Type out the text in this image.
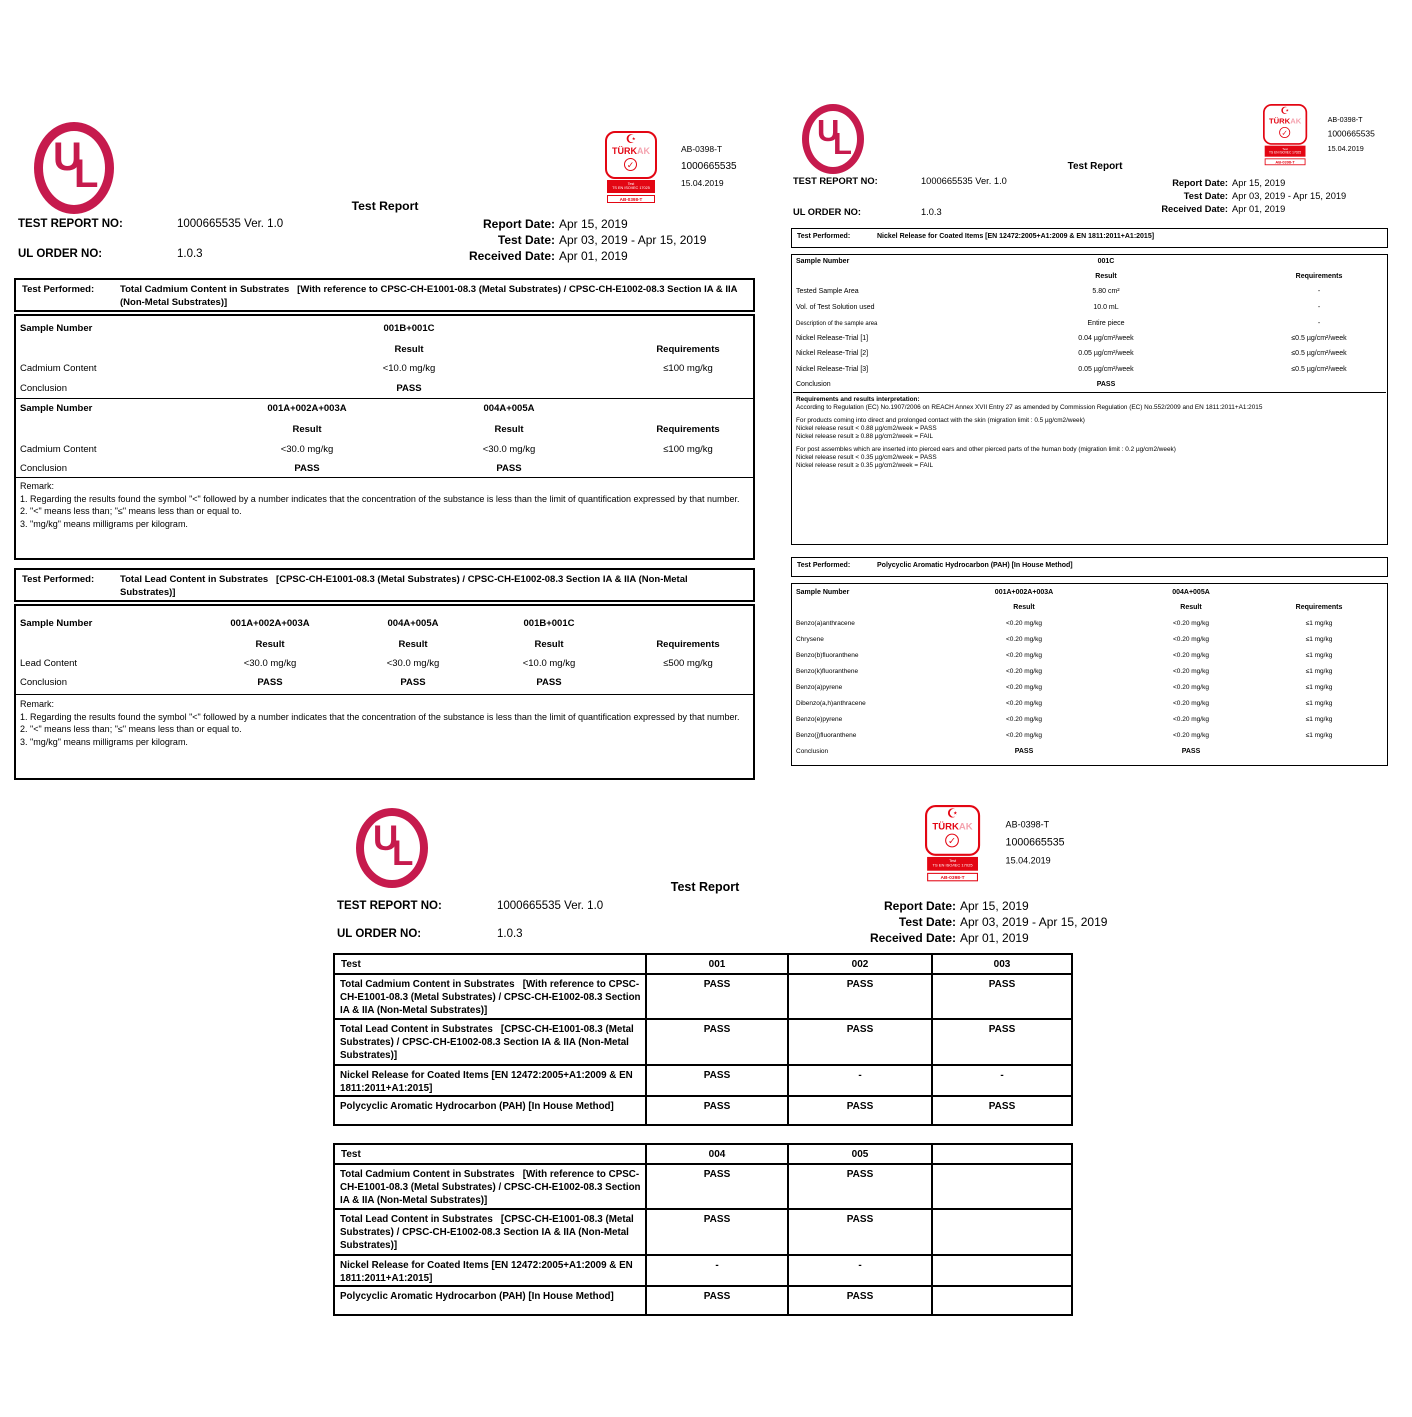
U
L
☪
TÜRKAK
✓
Test
TS EN ISO/IEC 17025
AB-0398-T
AB-0398-T
1000665535
15.04.2019
Test Report
TEST REPORT NO:	1000665535 Ver. 1.0
UL ORDER NO:	1.0.3
Report Date: Apr 15, 2019
Test Date: Apr 03, 2019 - Apr 15, 2019
Received Date: Apr 01, 2019
Test Performed:	Total Cadmium Content in Substrates   [With reference to CPSC-CH-E1001-08.3 (Metal Substrates) / CPSC-CH-E1002-08.3 Section IA & IIA (Non-Metal Substrates)]
Sample Number	001B+001C
Result	Requirements
Cadmium Content	<10.0 mg/kg	≤100 mg/kg
Conclusion	PASS
Sample Number	001A+002A+003A	004A+005A
Result	Result	Requirements
Cadmium Content	<30.0 mg/kg	<30.0 mg/kg	≤100 mg/kg
Conclusion	PASS	PASS
Remark:
1. Regarding the results found the symbol "<" followed by a number indicates that the concentration of the substance is less than the limit of quantification expressed by that number.
2. "<" means less than; "≤" means less than or equal to.
3. "mg/kg" means milligrams per kilogram.
Test Performed:	Total Lead Content in Substrates   [CPSC-CH-E1001-08.3 (Metal Substrates) / CPSC-CH-E1002-08.3 Section IA & IIA (Non-Metal Substrates)]
Sample Number	001A+002A+003A	004A+005A	001B+001C
Result	Result	Result	Requirements
Lead Content	<30.0 mg/kg	<30.0 mg/kg	<10.0 mg/kg	≤500 mg/kg
Conclusion	PASS	PASS	PASS
Remark:
1. Regarding the results found the symbol "<" followed by a number indicates that the concentration of the substance is less than the limit of quantification expressed by that number.
2. "<" means less than; "≤" means less than or equal to.
3. "mg/kg" means milligrams per kilogram.
U
L
☪
TÜRKAK
✓
Test
TS EN ISO/IEC 17025
AB-0398-T
AB-0398-T
1000665535
15.04.2019
Test Report
TEST REPORT NO:	1000665535 Ver. 1.0
UL ORDER NO:	1.0.3
Report Date: Apr 15, 2019
Test Date: Apr 03, 2019 - Apr 15, 2019
Received Date: Apr 01, 2019
Test Performed:	Nickel Release for Coated Items [EN 12472:2005+A1:2009 & EN 1811:2011+A1:2015]
Sample Number	001C
Result	Requirements
Tested Sample Area	5.80 cm²	-
Vol. of Test Solution used	10.0 mL	-
Description of the sample area	Entire piece	-
Nickel Release-Trial [1]	0.04 µg/cm²/week	≤0.5 µg/cm²/week
Nickel Release-Trial [2]	0.05 µg/cm²/week	≤0.5 µg/cm²/week
Nickel Release-Trial [3]	0.05 µg/cm²/week	≤0.5 µg/cm²/week
Conclusion	PASS
Requirements and results interpretation:
According to Regulation (EC) No.1907/2006 on REACH Annex XVII Entry 27 as amended by Commission Regulation (EC) No.552/2009 and EN 1811:2011+A1:2015
For products coming into direct and prolonged contact with the skin (migration limit : 0.5 µg/cm2/week)
Nickel release result < 0.88 µg/cm2/week = PASS
Nickel release result ≥ 0.88 µg/cm2/week = FAIL
For post assembles which are inserted into pierced ears and other pierced parts of the human body (migration limit : 0.2 µg/cm2/week)
Nickel release result < 0.35 µg/cm2/week = PASS
Nickel release result ≥ 0.35 µg/cm2/week = FAIL
Test Performed:	Polycyclic Aromatic Hydrocarbon (PAH) [In House Method]
Sample Number	001A+002A+003A	004A+005A
Result	Result	Requirements
Benzo(a)anthracene	<0.20 mg/kg	<0.20 mg/kg	≤1 mg/kg
Chrysene	<0.20 mg/kg	<0.20 mg/kg	≤1 mg/kg
Benzo(b)fluoranthene	<0.20 mg/kg	<0.20 mg/kg	≤1 mg/kg
Benzo(k)fluoranthene	<0.20 mg/kg	<0.20 mg/kg	≤1 mg/kg
Benzo(a)pyrene	<0.20 mg/kg	<0.20 mg/kg	≤1 mg/kg
Dibenzo(a,h)anthracene	<0.20 mg/kg	<0.20 mg/kg	≤1 mg/kg
Benzo(e)pyrene	<0.20 mg/kg	<0.20 mg/kg	≤1 mg/kg
Benzo(j)fluoranthene	<0.20 mg/kg	<0.20 mg/kg	≤1 mg/kg
Conclusion	PASS	PASS
U
L
☪
TÜRKAK
✓
Test
TS EN ISO/IEC 17025
AB-0398-T
AB-0398-T
1000665535
15.04.2019
Test Report
TEST REPORT NO:	1000665535 Ver. 1.0
UL ORDER NO:	1.0.3
Report Date: Apr 15, 2019
Test Date: Apr 03, 2019 - Apr 15, 2019
Received Date: Apr 01, 2019
Test	001	002	003
Total Cadmium Content in Substrates   [With reference to CPSC-CH-E1001-08.3 (Metal Substrates) / CPSC-CH-E1002-08.3 Section IA & IIA (Non-Metal Substrates)]	PASS	PASS	PASS
Total Lead Content in Substrates   [CPSC-CH-E1001-08.3 (Metal Substrates) / CPSC-CH-E1002-08.3 Section IA & IIA (Non-Metal Substrates)]	PASS	PASS	PASS
Nickel Release for Coated Items [EN 12472:2005+A1:2009 & EN 1811:2011+A1:2015]	PASS	-	-
Polycyclic Aromatic Hydrocarbon (PAH) [In House Method]	PASS	PASS	PASS
Test	004	005	
Total Cadmium Content in Substrates   [With reference to CPSC-CH-E1001-08.3 (Metal Substrates) / CPSC-CH-E1002-08.3 Section IA & IIA (Non-Metal Substrates)]	PASS	PASS	
Total Lead Content in Substrates   [CPSC-CH-E1001-08.3 (Metal Substrates) / CPSC-CH-E1002-08.3 Section IA & IIA (Non-Metal Substrates)]	PASS	PASS	
Nickel Release for Coated Items [EN 12472:2005+A1:2009 & EN 1811:2011+A1:2015]	-	-	
Polycyclic Aromatic Hydrocarbon (PAH) [In House Method]	PASS	PASS	
